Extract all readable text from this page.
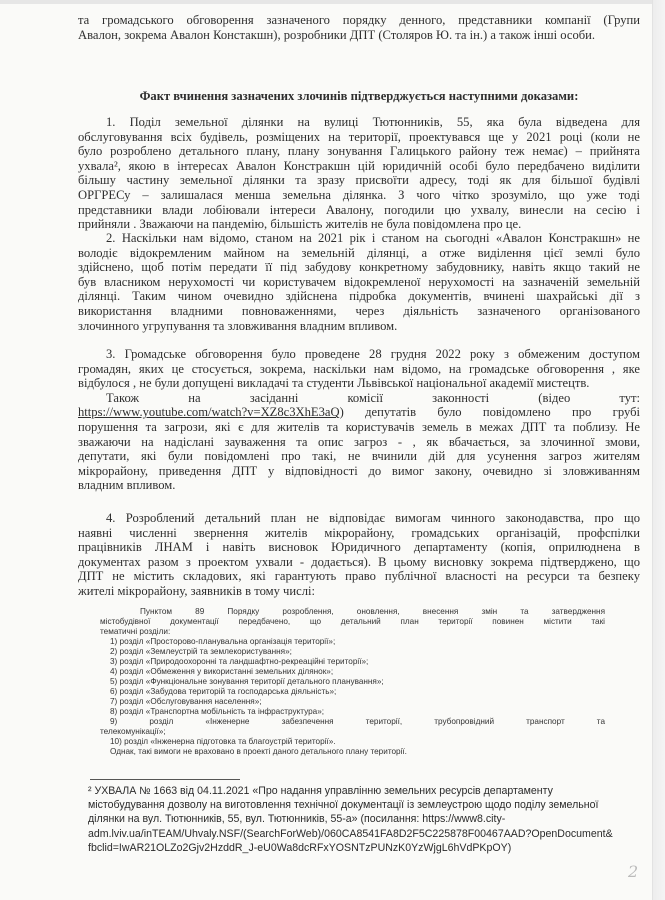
та громадського обговорення зазначеного порядку денного, представники компанії (Групи
Авалон, зокрема Авалон Констакшн), розробники ДПТ (Столяров Ю. та ін.) а також інші особи.
Факт вчинення зазначених злочинів підтверджується наступними доказами:
1. Поділ земельної ділянки на вулиці Тютюнників, 55, яка була відведена для
обслуговування всіх будівель, розміщених на території, проектувався ще у 2021 році (коли не
було розроблено детального плану, плану зонування Галицького району теж немає) – прийнята
ухвала², якою в інтересах Авалон Констракшн цій юридичній особі було передбачено виділити
більшу частину земельної ділянки та зразу присвоїти адресу, тоді як для більшої будівлі
ОРГРЕСу – залишалася менша земельна ділянка. З чого чітко зрозуміло, що уже тоді
представники влади лобіювали інтереси Авалону, погодили цю ухвалу, винесли на сесію і
прийняли . Зважаючи на пандемію, більшість жителів не була повідомлена про це.
2. Наскільки нам відомо, станом на 2021 рік і станом на сьогодні «Авалон Констракшн» не
володіє відокремленим майном на земельній ділянці, а отже виділення цієї землі було
здійснено, щоб потім передати її під забудову конкретному забудовнику, навіть якщо такий не
був власником нерухомості чи користувачем відокремленої нерухомості на зазначеній земельній
ділянці. Таким чином очевидно здійснена підробка документів, вчинені шахрайські дії з
використання владними повноваженнями, через діяльність зазначеного організованого
злочинного угрупування та зловживання владним впливом.
3. Громадське обговорення було проведене 28 грудня 2022 року з обмеженим доступом
громадян, яких це стосується, зокрема, наскільки нам відомо, на громадське обговорення , яке
відбулося , не були допущені викладачі та студенти Львівської національної академії мистецтв.
Також на засіданні комісії законності (відео тут:
https://www.youtube.com/watch?v=XZ8c3XhE3aQ) депутатів було повідомлено про грубі
порушення та загрози, які є для жителів та користувачів земель в межах ДПТ та поблизу. Не
зважаючи на надіслані зауваження та опис загроз - , як вбачається, за злочинної змови,
депутати, які були повідомлені про такі, не вчинили дій для усунення загроз жителям
мікрорайону, приведення ДПТ у відповідності до вимог закону, очевидно зі зловживанням
владним впливом.
4. Розроблений детальний план не відповідає вимогам чинного законодавства, про що
наявні численні звернення жителів мікрорайону, громадських організацій, профспілки
працівників ЛНАМ і навіть висновок Юридичного департаменту (копія, оприлюднена в
документах разом з проектом ухвали - додається). В цьому висновку зокрема підтверджено, що
ДПТ не містить складових, які гарантують право публічної власності на ресурси та безпеку
жителі мікрорайону, заявників в тому числі:
Пунктом 89 Порядку розроблення, оновлення, внесення змін та затвердження
містобудівної документації передбачено, що детальний план території повинен містити такі
тематичні розділи:
1) розділ «Просторово-планувальна організація території»;
2) розділ «Землеустрій та землекористування»;
3) розділ «Природоохоронні та ландшафтно-рекреаційні території»;
4) розділ «Обмеження у використанні земельних ділянок»;
5) розділ «Функціональне зонування території детального планування»;
6) розділ «Забудова територій та господарська діяльність»;
7) розділ «Обслуговування населення»;
8) розділ «Транспортна мобільність та інфраструктура»;
9) розділ «Інженерне забезпечення території, трубопровідний транспорт та
телекомунікації»;
10) розділ «Інженерна підготовка та благоустрій території».
Однак, такі вимоги не враховано в проекті даного детального плану території.
² УХВАЛА № 1663 від 04.11.2021 «Про надання управлінню земельних ресурсів департаменту
містобудування дозволу на виготовлення технічної документації із землеустрою щодо поділу земельної
ділянки на вул. Тютюнників, 55, вул. Тютюнників, 55-а» (посилання: https://www8.city-
adm.lviv.ua/inTEAM/Uhvaly.NSF/(SearchForWeb)/060CA8541FA8D2F5C225878F00467AAD?OpenDocument&
fbclid=IwAR21OLZo2Gjv2HzddR_J-eU0Wa8dcRFxYOSNTzPUNzK0YzWjgL6hVdPKpOY)
2
